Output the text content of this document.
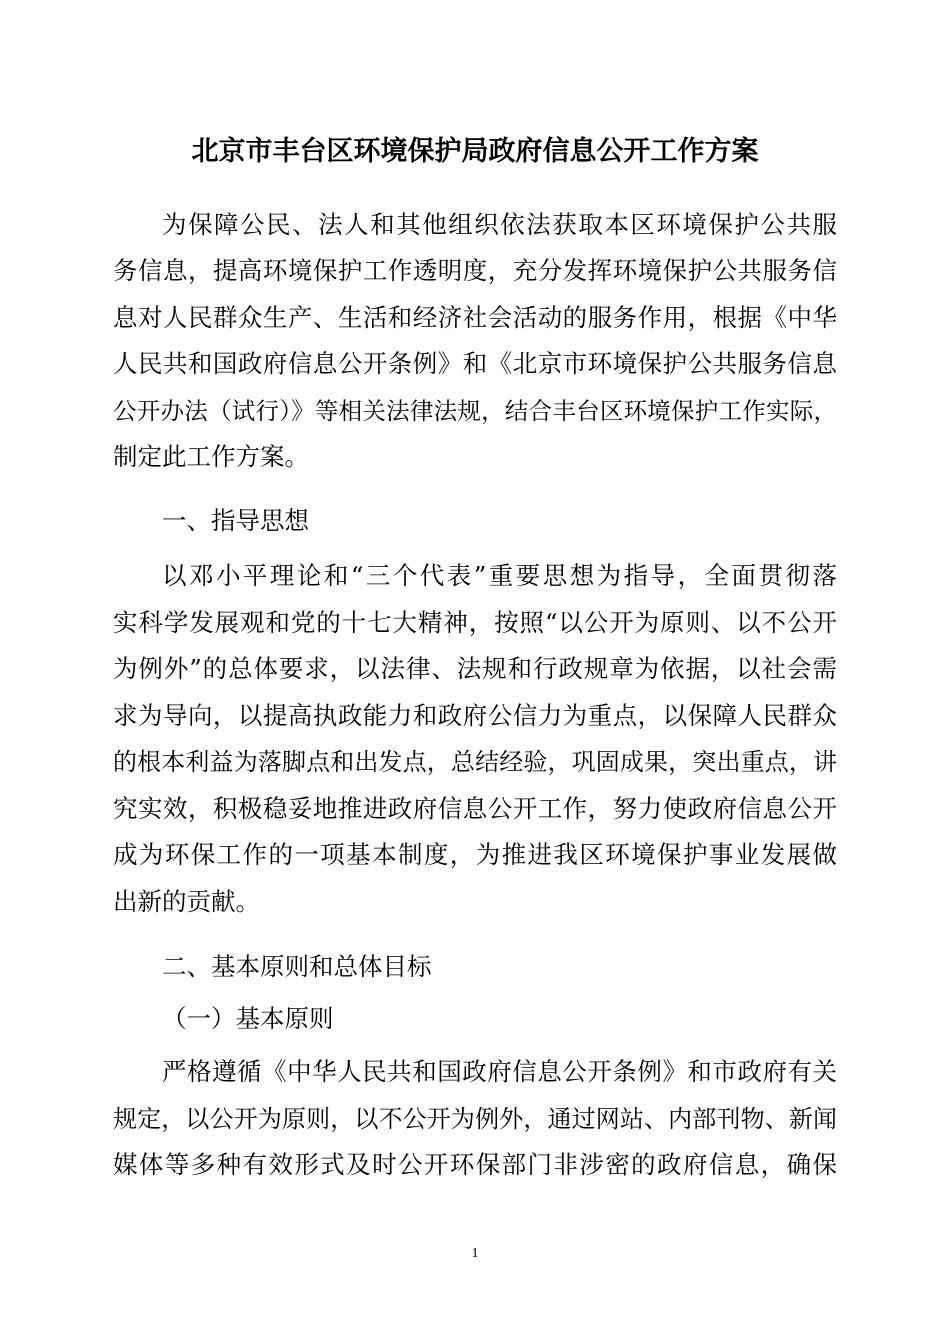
北京市丰台区环境保护局政府信息公开工作方案
为保障公民、法人和其他组织依法获取本区环境保护公共服
务信息，提高环境保护工作透明度，充分发挥环境保护公共服务信
息对人民群众生产、生活和经济社会活动的服务作用，根据《中华
人民共和国政府信息公开条例》和《北京市环境保护公共服务信息
公开办法（试行）》等相关法律法规，结合丰台区环境保护工作实际，
制定此工作方案。
一、指导思想
以邓小平理论和“三个代表”重要思想为指导，全面贯彻落
实科学发展观和党的十七大精神，按照“以公开为原则、以不公开
为例外”的总体要求，以法律、法规和行政规章为依据，以社会需
求为导向，以提高执政能力和政府公信力为重点，以保障人民群众
的根本利益为落脚点和出发点，总结经验，巩固成果，突出重点，讲
究实效，积极稳妥地推进政府信息公开工作，努力使政府信息公开
成为环保工作的一项基本制度，为推进我区环境保护事业发展做
出新的贡献。
二、基本原则和总体目标
（一）基本原则
严格遵循《中华人民共和国政府信息公开条例》和市政府有关
规定，以公开为原则，以不公开为例外，通过网站、内部刊物、新闻
媒体等多种有效形式及时公开环保部门非涉密的政府信息，确保
1
